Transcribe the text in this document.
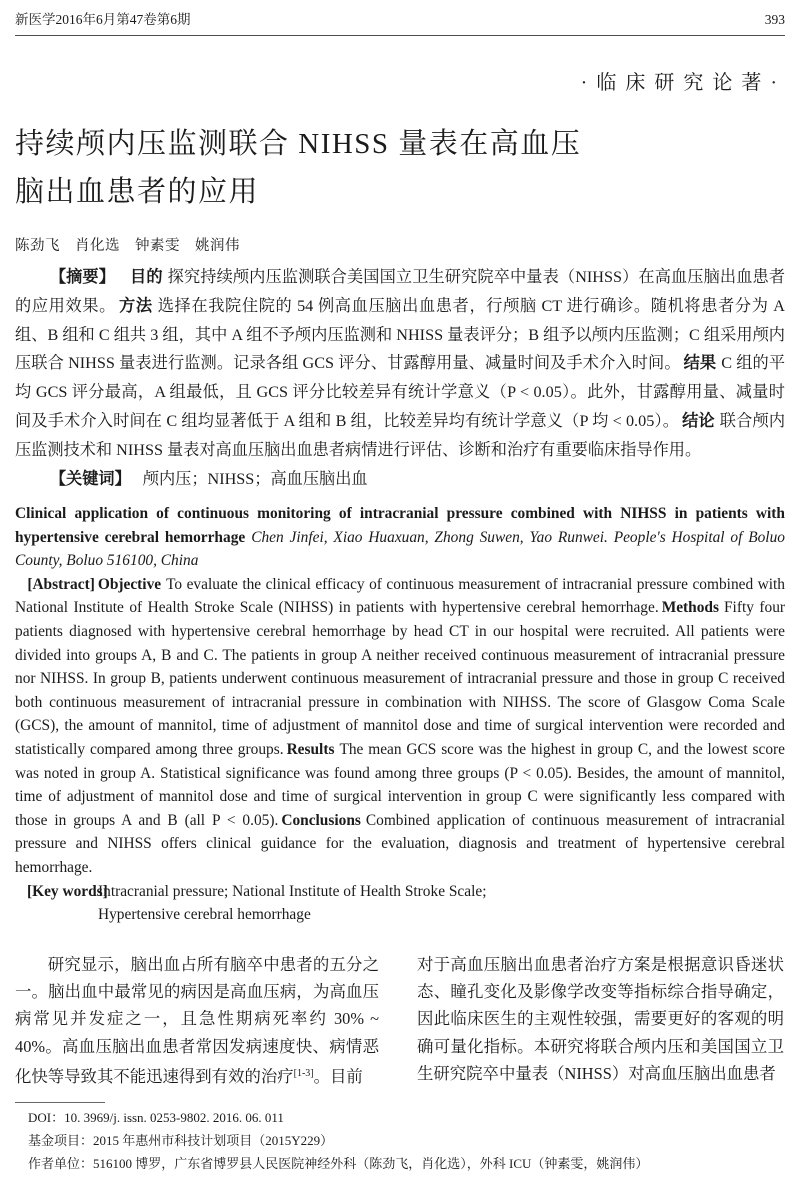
新医学2016年6月第47卷第6期	393
·临床研究论著·
持续颅内压监测联合 NIHSS 量表在高血压
脑出血患者的应用
陈劲飞　肖化选　钟素雯　姚润伟

【摘要】 目的 探究持续颅内压监测联合美国国立卫生研究院卒中量表（NIHSS）在高血压脑出血患者的应用效果。 方法 选择在我院住院的 54 例高血压脑出血患者，行颅脑 CT 进行确诊。随机将患者分为 A 组、B 组和 C 组共 3 组，其中 A 组不予颅内压监测和 NHISS 量表评分；B 组予以颅内压监测；C 组采用颅内压联合 NIHSS 量表进行监测。记录各组 GCS 评分、甘露醇用量、减量时间及手术介入时间。 结果 C 组的平均 GCS 评分最高，A 组最低，且 GCS 评分比较差异有统计学意义（P < 0.05）。此外，甘露醇用量、减量时间及手术介入时间在 C 组均显著低于 A 组和 B 组，比较差异均有统计学意义（P 均 < 0.05）。 结论 联合颅内压监测技术和 NIHSS 量表对高血压脑出血患者病情进行评估、诊断和治疗有重要临床指导作用。

【关键词】 颅内压；NIHSS；高血压脑出血

Clinical application of continuous monitoring of intracranial pressure combined with NIHSS in patients with hypertensive cerebral hemorrhage Chen Jinfei, Xiao Huaxuan, Zhong Suwen, Yao Runwei. People's Hospital of Boluo County, Boluo 516100, China

[Abstract] Objective To evaluate the clinical efficacy of continuous measurement of intracranial pressure combined with National Institute of Health Stroke Scale (NIHSS) in patients with hypertensive cerebral hemorrhage. Methods Fifty four patients diagnosed with hypertensive cerebral hemorrhage by head CT in our hospital were recruited. All patients were divided into groups A, B and C. The patients in group A neither received continuous measurement of intracranial pressure nor NIHSS. In group B, patients underwent continuous measurement of intracranial pressure and those in group C received both continuous measurement of intracranial pressure in combination with NIHSS. The score of Glasgow Coma Scale (GCS), the amount of mannitol, time of adjustment of mannitol dose and time of surgical intervention were recorded and statistically compared among three groups. Results The mean GCS score was the highest in group C, and the lowest score was noted in group A. Statistical significance was found among three groups (P < 0.05). Besides, the amount of mannitol, time of adjustment of mannitol dose and time of surgical intervention in group C were significantly less compared with those in groups A and B (all P < 0.05). Conclusions Combined application of continuous measurement of intracranial pressure and NIHSS offers clinical guidance for the evaluation, diagnosis and treatment of hypertensive cerebral hemorrhage.

[Key words]
Intracranial pressure; National Institute of Health Stroke Scale;
Hypertensive cerebral hemorrhage

研究显示，脑出血占所有脑卒中患者的五分之一。脑出血中最常见的病因是高血压病，为高血压病常见并发症之一，且急性期病死率约 30% ~ 40%。高血压脑出血患者常因发病速度快、病情恶化快等导致其不能迅速得到有效的治疗[1-3]。目前

对于高血压脑出血患者治疗方案是根据意识昏迷状态、瞳孔变化及影像学改变等指标综合指导确定，因此临床医生的主观性较强，需要更好的客观的明确可量化指标。本研究将联合颅内压和美国国立卫生研究院卒中量表（NIHSS）对高血压脑出血患者

DOI：10. 3969/j. issn. 0253-9802. 2016. 06. 011
基金项目：2015 年惠州市科技计划项目（2015Y229）
作者单位：516100 博罗，广东省博罗县人民医院神经外科（陈劲飞，肖化选），外科 ICU（钟素雯，姚润伟）
